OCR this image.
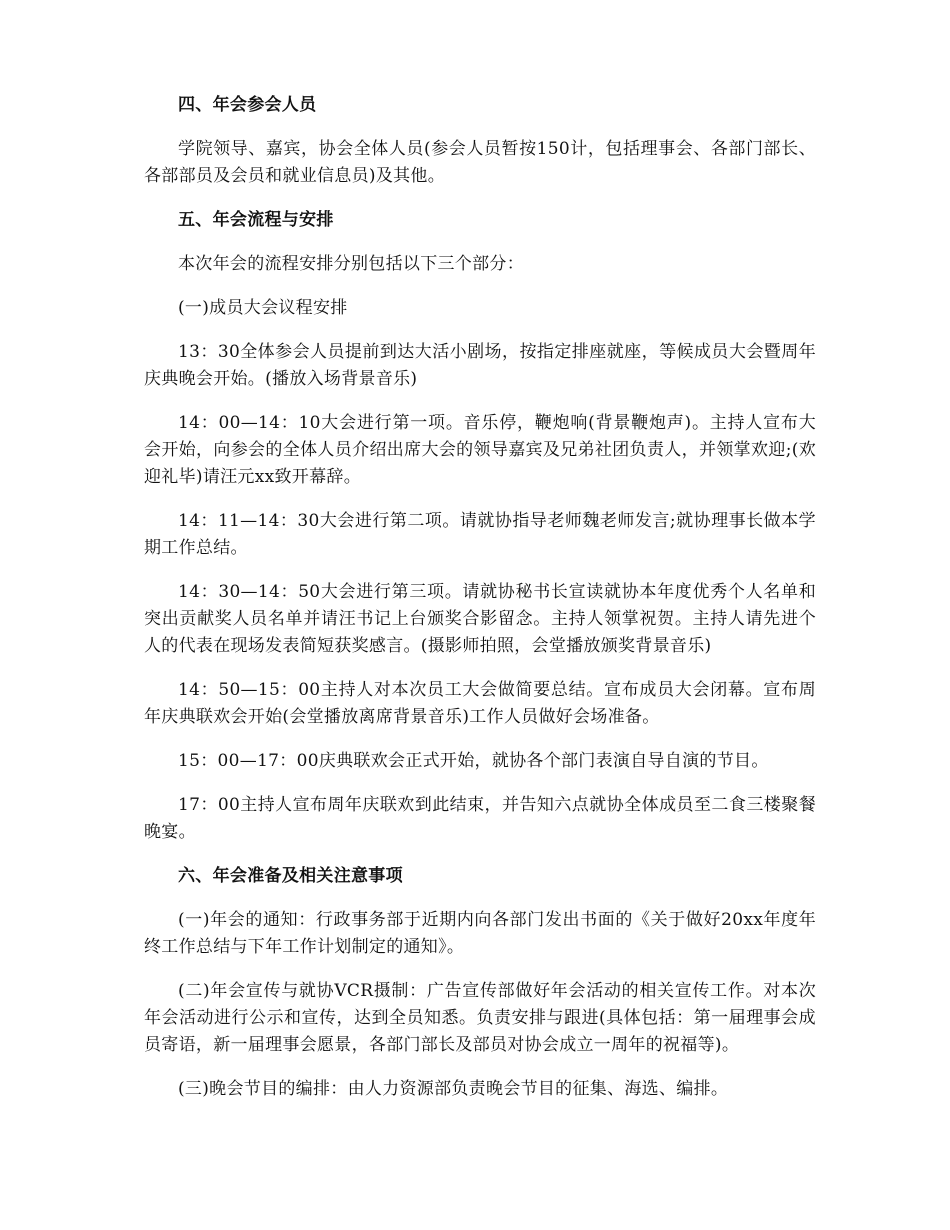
四、年会参会人员
学院领导、嘉宾，协会全体人员(参会人员暂按150计，包括理事会、各部门部长、各部部员及会员和就业信息员)及其他。
五、年会流程与安排
本次年会的流程安排分别包括以下三个部分：
(一)成员大会议程安排
13：30全体参会人员提前到达大活小剧场，按指定排座就座，等候成员大会暨周年庆典晚会开始。(播放入场背景音乐)
14：00—14：10大会进行第一项。音乐停，鞭炮响(背景鞭炮声)。主持人宣布大会开始，向参会的全体人员介绍出席大会的领导嘉宾及兄弟社团负责人，并领掌欢迎;(欢迎礼毕)请汪元xx致开幕辞。
14：11—14：30大会进行第二项。请就协指导老师魏老师发言;就协理事长做本学期工作总结。
14：30—14：50大会进行第三项。请就协秘书长宣读就协本年度优秀个人名单和突出贡献奖人员名单并请汪书记上台颁奖合影留念。主持人领掌祝贺。主持人请先进个人的代表在现场发表简短获奖感言。(摄影师拍照，会堂播放颁奖背景音乐)
14：50—15：00主持人对本次员工大会做简要总结。宣布成员大会闭幕。宣布周年庆典联欢会开始(会堂播放离席背景音乐)工作人员做好会场准备。
15：00—17：00庆典联欢会正式开始，就协各个部门表演自导自演的节目。
17：00主持人宣布周年庆联欢到此结束，并告知六点就协全体成员至二食三楼聚餐晚宴。
六、年会准备及相关注意事项
(一)年会的通知：行政事务部于近期内向各部门发出书面的《关于做好20xx年度年终工作总结与下年工作计划制定的通知》。
(二)年会宣传与就协VCR摄制：广告宣传部做好年会活动的相关宣传工作。对本次年会活动进行公示和宣传，达到全员知悉。负责安排与跟进(具体包括：第一届理事会成员寄语，新一届理事会愿景，各部门部长及部员对协会成立一周年的祝福等)。
(三)晚会节目的编排：由人力资源部负责晚会节目的征集、海选、编排。
